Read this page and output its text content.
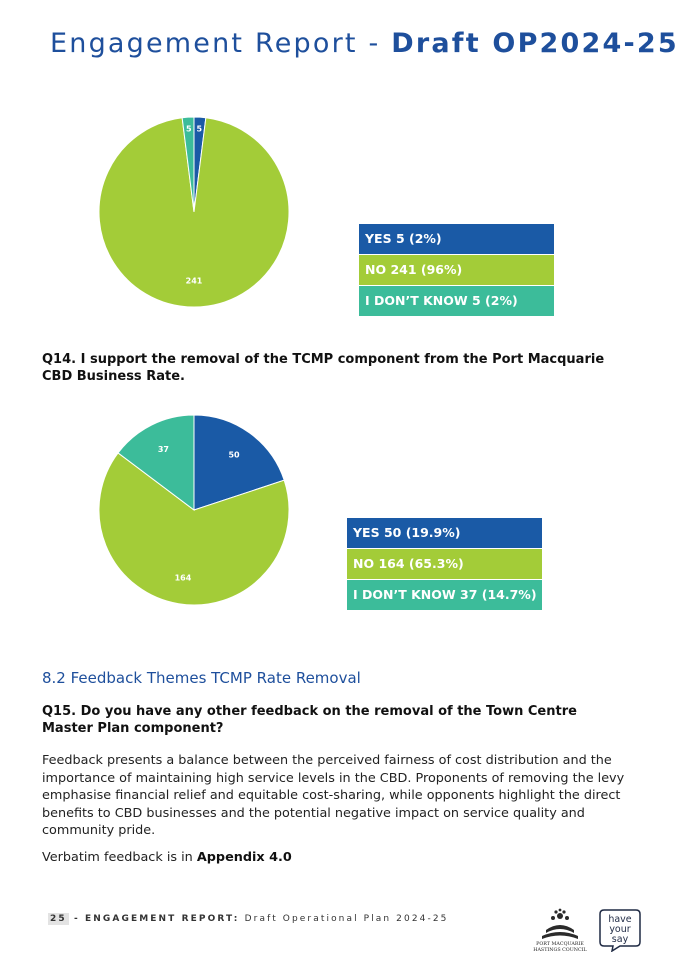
Engagement Report - Draft OP2024-25
5
241
5
YES 5 (2%)
NO 241 (96%)
I DON’T KNOW 5 (2%)
Q14. I support the removal of the TCMP component from the Port Macquarie CBD Business Rate.
50
164
37
YES 50 (19.9%)
NO 164 (65.3%)
I DON’T KNOW 37 (14.7%)
8.2 Feedback Themes TCMP Rate Removal
Q15. Do you have any other feedback on the removal of the Town Centre Master Plan component?
Feedback presents a balance between the perceived fairness of cost distribution and the importance of maintaining high service levels in the CBD. Proponents of removing the levy emphasise financial relief and equitable cost-sharing, while opponents highlight the direct benefits to CBD businesses and the potential negative impact on service quality and community pride.
Verbatim feedback is in Appendix 4.0
25 - ENGAGEMENT REPORT: Draft Operational Plan 2024-25
PORT MACQUARIE
HASTINGS COUNCIL
have
your say
